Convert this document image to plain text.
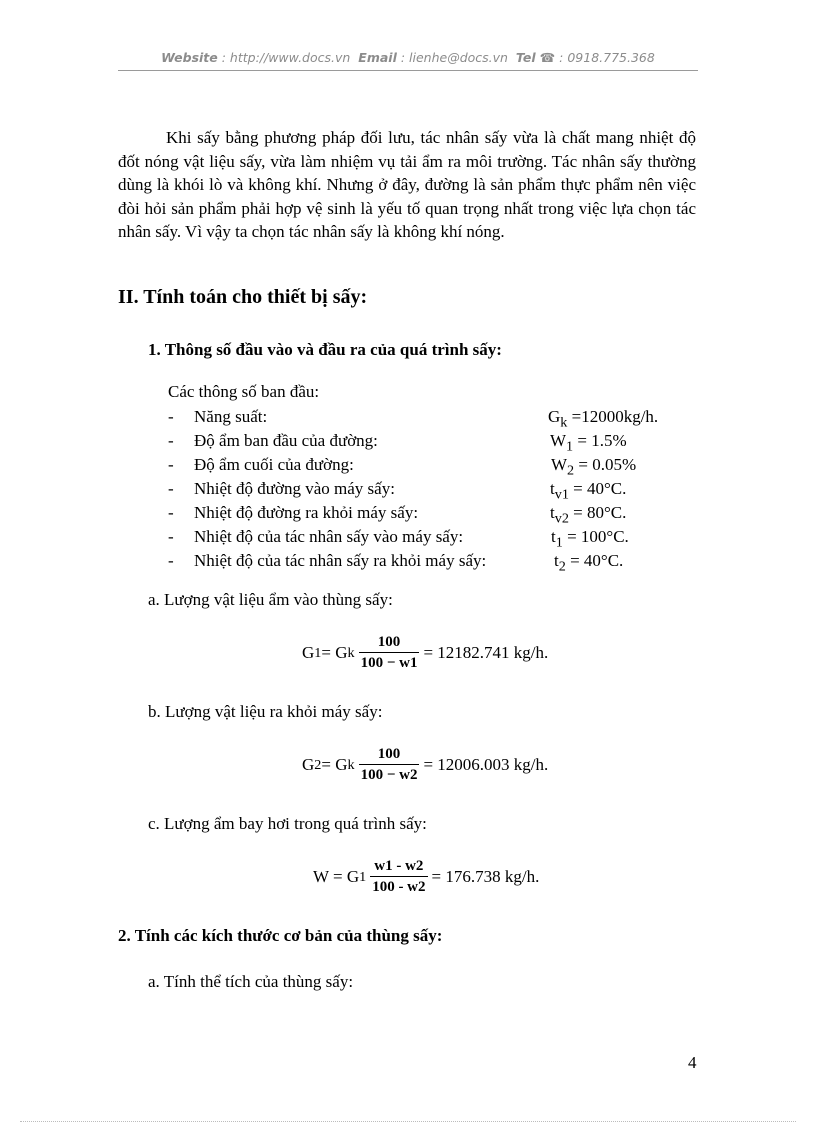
Website : http://www.docs.vn Email : lienhe@docs.vn Tel ☎ : 0918.775.368
Khi sấy bằng phương pháp đối lưu, tác nhân sấy vừa là chất mang nhiệt độ đốt nóng vật liệu sấy, vừa làm nhiệm vụ tải ẩm ra môi trường. Tác nhân sấy thường dùng là khói lò và không khí. Nhưng ở đây, đường là sản phẩm thực phẩm nên việc đòi hỏi sản phẩm phải hợp vệ sinh là yếu tố quan trọng nhất trong việc lựa chọn tác nhân sấy. Vì vậy ta chọn tác nhân sấy là không khí nóng.
II. Tính toán cho thiết bị sấy:
1. Thông số đầu vào và đầu ra của quá trình sấy:
Các thông số ban đầu:
- Năng suất:	$G_k =12000kg/h$.
- Độ ẩm ban đầu của đường:	$W_1 = 1.5\%$
- Độ ẩm cuối của đường:	$W_2 = 0.05\%$
- Nhiệt độ đường vào máy sấy:	$t_{v1} = 40^\circ C$.
- Nhiệt độ đường ra khỏi máy sấy:	$t_{v2} = 80^\circ C$.
- Nhiệt độ của tác nhân sấy vào máy sấy:	$t_1 = 100^\circ C$.
- Nhiệt độ của tác nhân sấy ra khỏi máy sấy:	$t_2 = 40^\circ C$.
a. Lượng vật liệu ẩm vào thùng sấy:
G 1 = G k $\frac{100}{100 - w1} = 12182.741$ kg/h.
b. Lượng vật liệu ra khỏi máy sấy:
G 2 = G k $\frac{100}{100 - w2} = 12006.003$ kg/h.
c. Lượng ẩm bay hơi trong quá trình sấy:
W = G $1 \frac{w1 - w2}{100 - w2} = 176.738$ kg/h.
2. Tính các kích thước cơ bản của thùng sấy:
a. Tính thể tích của thùng sấy:
4
